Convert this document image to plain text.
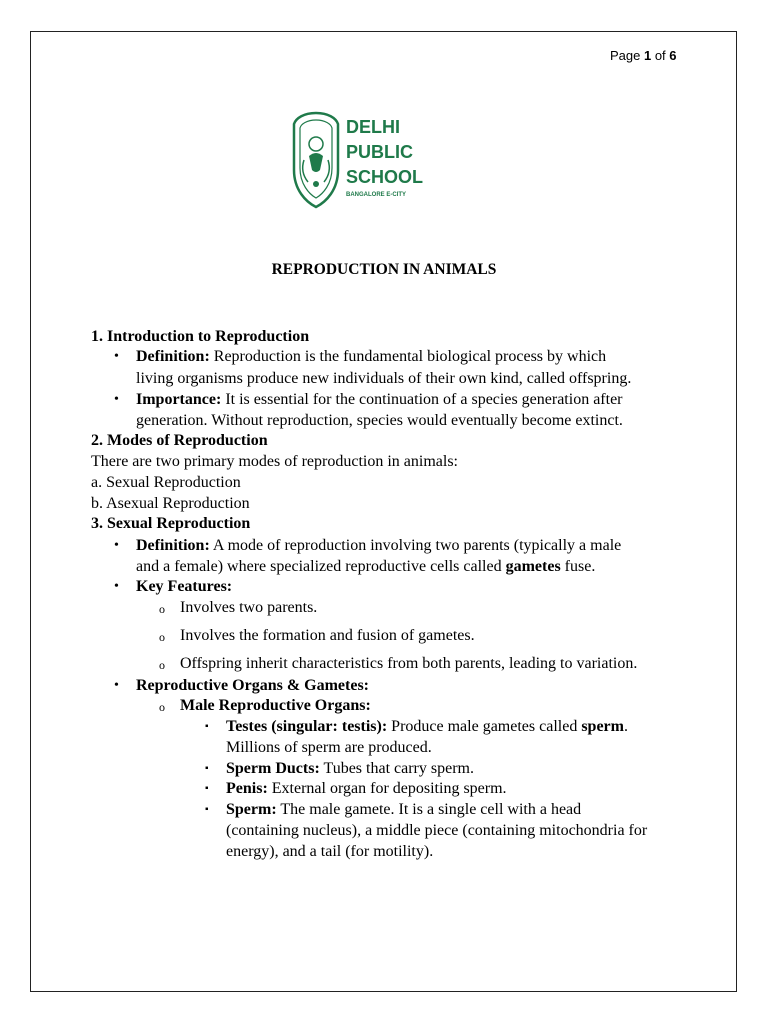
Page 1 of 6
DELHI
PUBLIC
SCHOOL
BANGALORE E-CITY
REPRODUCTION IN ANIMALS
1. Introduction to Reproduction
• Definition: Reproduction is the fundamental biological process by which
living organisms produce new individuals of their own kind, called offspring.
• Importance: It is essential for the continuation of a species generation after
generation. Without reproduction, species would eventually become extinct.
2. Modes of Reproduction
There are two primary modes of reproduction in animals:
a. Sexual Reproduction
b. Asexual Reproduction
3. Sexual Reproduction
• Definition: A mode of reproduction involving two parents (typically a male
and a female) where specialized reproductive cells called gametes fuse.
• Key Features:
o Involves two parents.
o Involves the formation and fusion of gametes.
o Offspring inherit characteristics from both parents, leading to variation.
• Reproductive Organs & Gametes:
o Male Reproductive Organs:
▪ Testes (singular: testis): Produce male gametes called sperm.
Millions of sperm are produced.
▪ Sperm Ducts: Tubes that carry sperm.
▪ Penis: External organ for depositing sperm.
▪ Sperm: The male gamete. It is a single cell with a head
(containing nucleus), a middle piece (containing mitochondria for
energy), and a tail (for motility).
